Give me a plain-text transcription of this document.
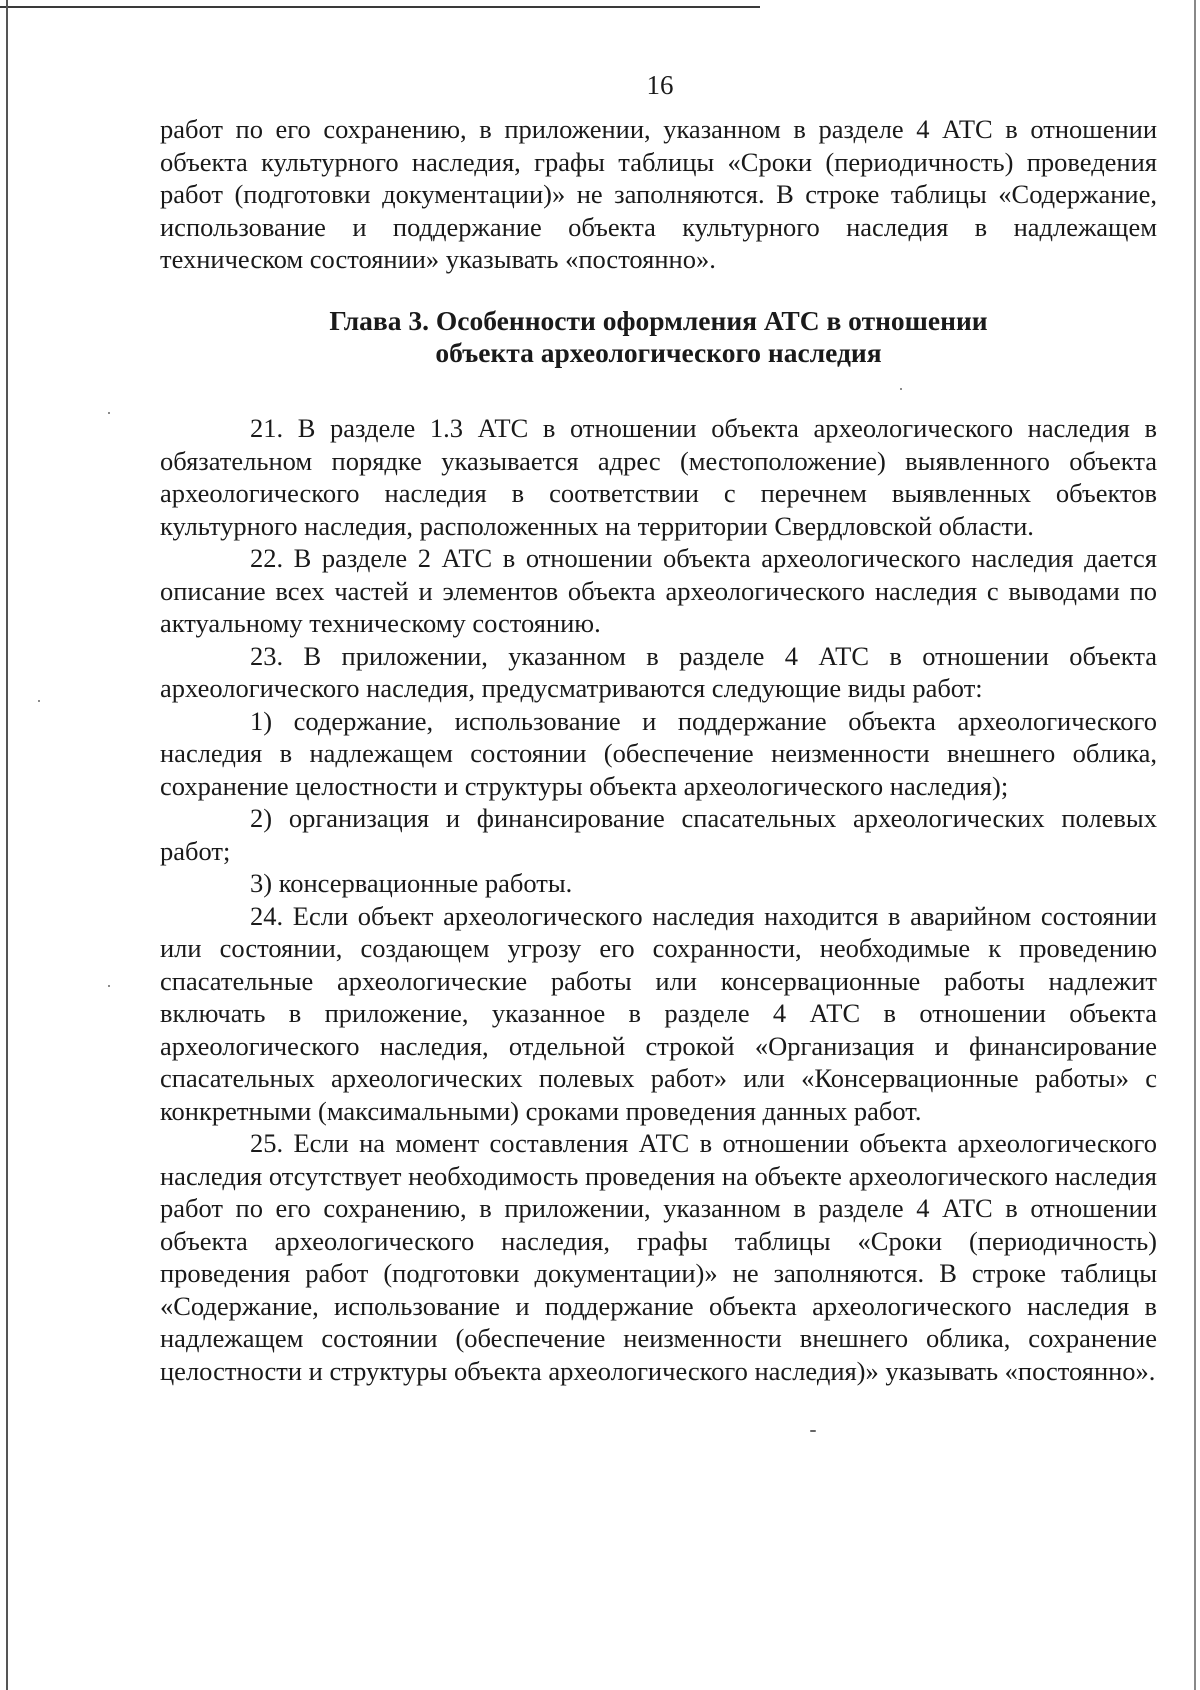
16

работ по его сохранению, в приложении, указанном в разделе 4 АТС в отношении объекта культурного наследия, графы таблицы «Сроки (периодичность) проведения работ (подготовки документации)» не заполняются. В строке таблицы «Содержание, использование и поддержание объекта культурного наследия в надлежащем техническом состоянии» указывать «постоянно».

Глава 3. Особенности оформления АТС в отношении
объекта археологического наследия

21. В разделе 1.3 АТС в отношении объекта археологического наследия в обязательном порядке указывается адрес (местоположение) выявленного объекта археологического наследия в соответствии с перечнем выявленных объектов культурного наследия, расположенных на территории Свердловской области.

22. В разделе 2 АТС в отношении объекта археологического наследия дается описание всех частей и элементов объекта археологического наследия с выводами по актуальному техническому состоянию.

23. В приложении, указанном в разделе 4 АТС в отношении объекта археологического наследия, предусматриваются следующие виды работ:

1) содержание, использование и поддержание объекта археологического наследия в надлежащем состоянии (обеспечение неизменности внешнего облика, сохранение целостности и структуры объекта археологического наследия);

2) организация и финансирование спасательных археологических полевых работ;

3) консервационные работы.

24. Если объект археологического наследия находится в аварийном состоянии или состоянии, создающем угрозу его сохранности, необходимые к проведению спасательные археологические работы или консервационные работы надлежит включать в приложение, указанное в разделе 4 АТС в отношении объекта археологического наследия, отдельной строкой «Организация и финансирование спасательных археологических полевых работ» или «Консервационные работы» с конкретными (максимальными) сроками проведения данных работ.

25. Если на момент составления АТС в отношении объекта археологического наследия отсутствует необходимость проведения на объекте археологического наследия работ по его сохранению, в приложении, указанном в разделе 4 АТС в отношении объекта археологического наследия, графы таблицы «Сроки (периодичность) проведения работ (подготовки документации)» не заполняются. В строке таблицы «Содержание, использование и поддержание объекта археологического наследия в надлежащем состоянии (обеспечение неизменности внешнего облика, сохранение целостности и структуры объекта археологического наследия)» указывать «постоянно».
